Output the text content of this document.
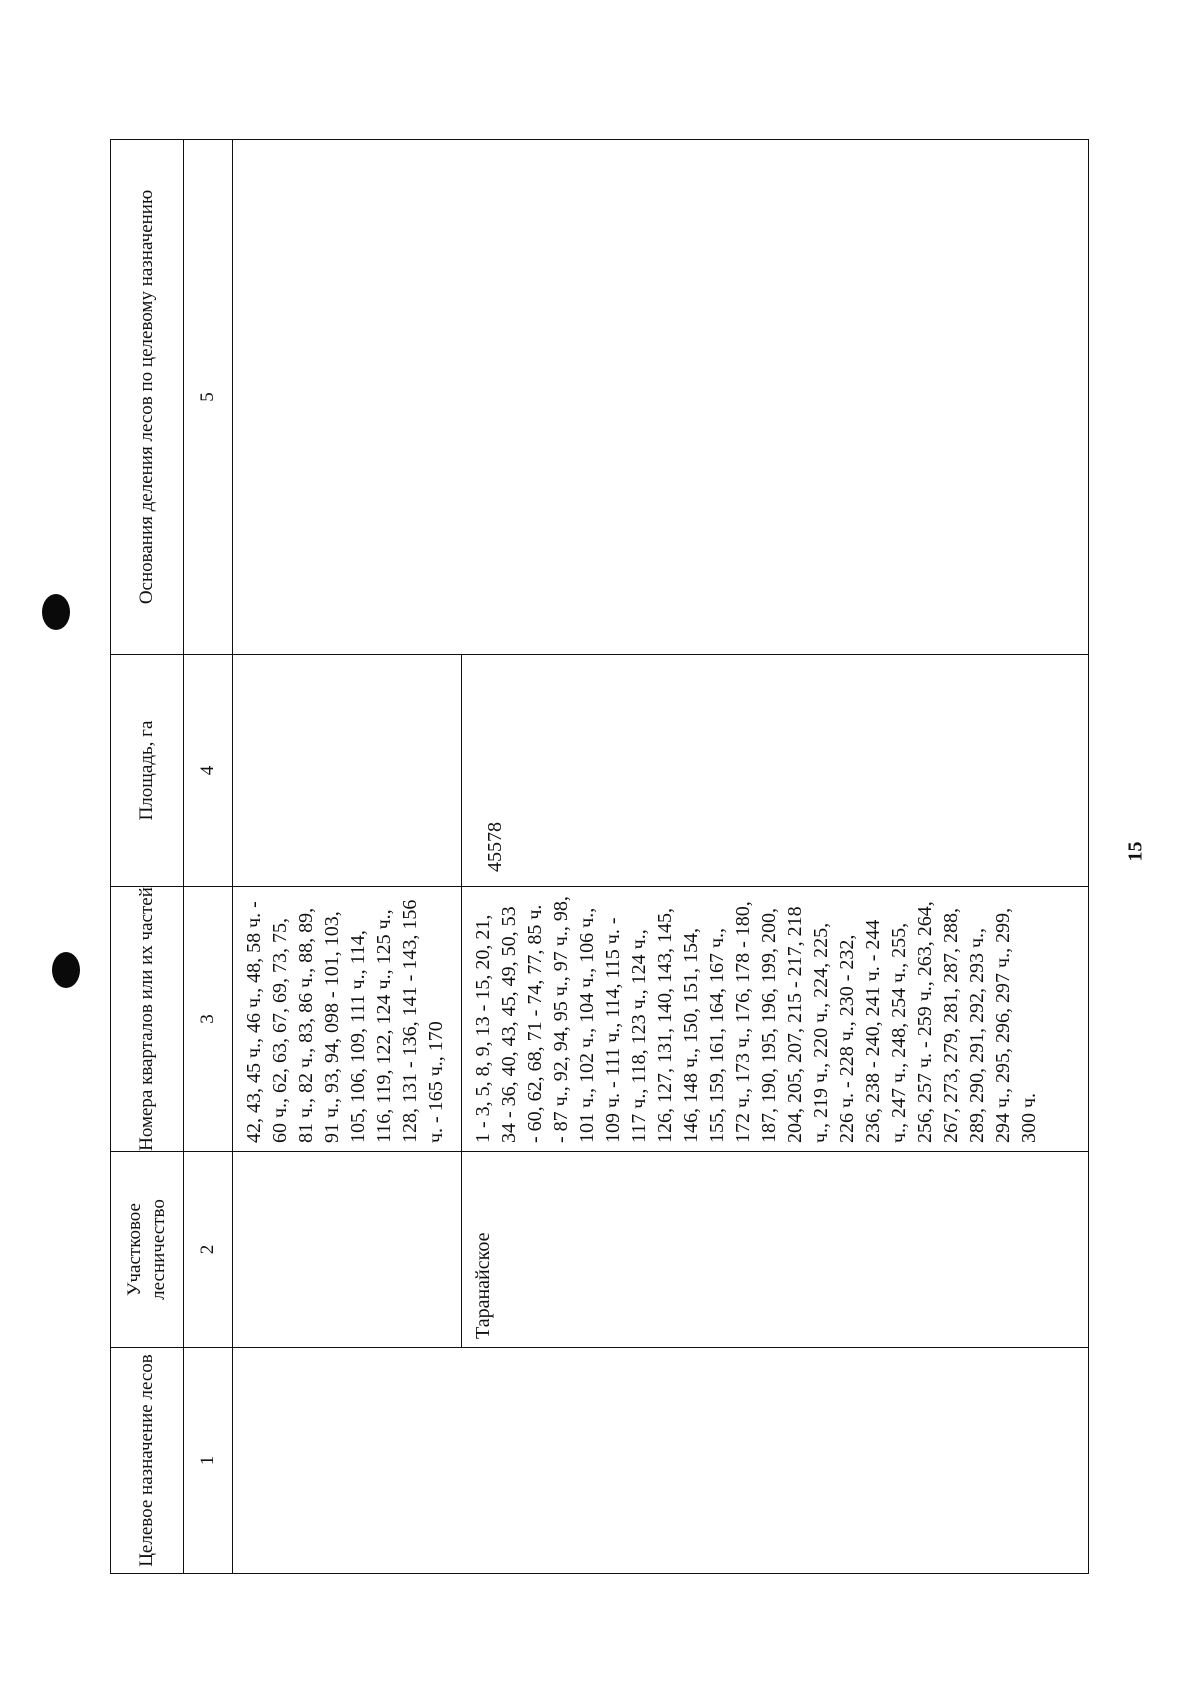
Целевое назначение лесов	Участковое лесничество	Номера кварталов или их частей	Площадь, га	Основания деления лесов по целевому назначению
1	2	3	4	5
		42, 43, 45 ч., 46 ч., 48, 58 ч. - 60 ч., 62, 63, 67, 69, 73, 75, 81 ч., 82 ч., 83, 86 ч., 88, 89, 91 ч., 93, 94, 098 - 101, 103, 105, 106, 109, 111 ч., 114, 116, 119, 122, 124 ч., 125 ч., 128, 131 - 136, 141 - 143, 156 ч. - 165 ч., 170		
	Таранайское	1 - 3, 5, 8, 9, 13 - 15, 20, 21, 34 - 36, 40, 43, 45, 49, 50, 53 - 60, 62, 68, 71 - 74, 77, 85 ч. - 87 ч., 92, 94, 95 ч., 97 ч., 98, 101 ч., 102 ч., 104 ч., 106 ч., 109 ч. - 111 ч., 114, 115 ч. - 117 ч., 118, 123 ч., 124 ч., 126, 127, 131, 140, 143, 145, 146, 148 ч., 150, 151, 154, 155, 159, 161, 164, 167 ч., 172 ч., 173 ч., 176, 178 - 180, 187, 190, 195, 196, 199, 200, 204, 205, 207, 215 - 217, 218 ч., 219 ч., 220 ч., 224, 225, 226 ч. - 228 ч., 230 - 232, 236, 238 - 240, 241 ч. - 244 ч., 247 ч., 248, 254 ч., 255, 256, 257 ч. - 259 ч., 263, 264, 267, 273, 279, 281, 287, 288, 289, 290, 291, 292, 293 ч., 294 ч., 295, 296, 297 ч., 299, 300 ч.	45578		15
